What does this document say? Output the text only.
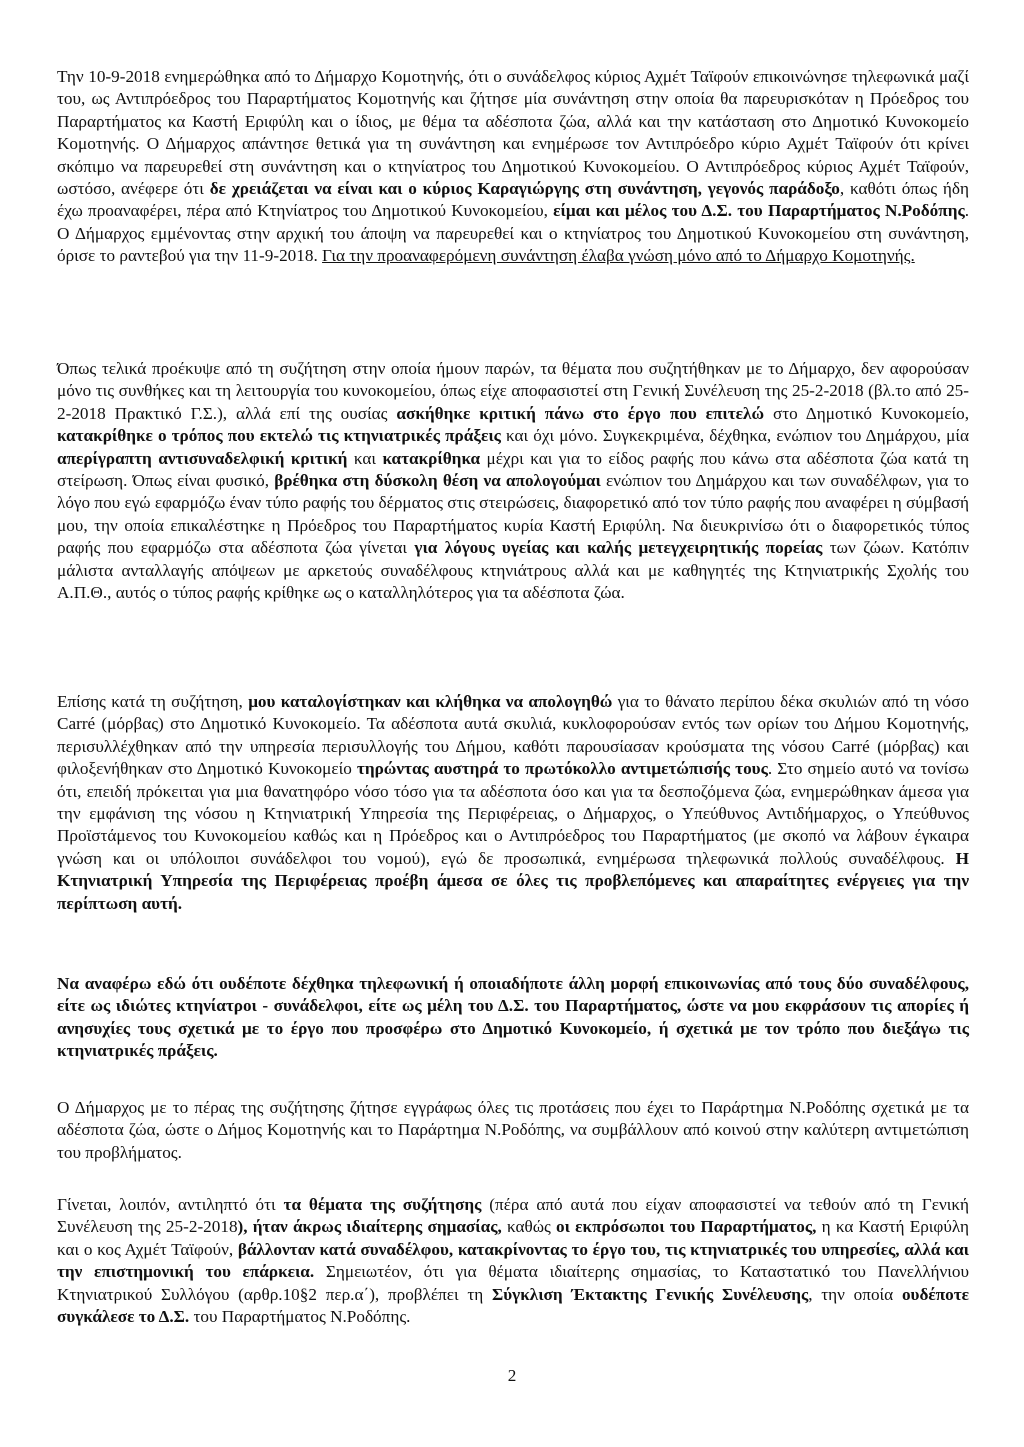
Την 10-9-2018 ενημερώθηκα από το Δήμαρχο Κομοτηνής, ότι ο συνάδελφος κύριος Αχμέτ Ταϊφούν επικοινώνησε τηλεφωνικά μαζί του, ως Αντιπρόεδρος του Παραρτήματος Κομοτηνής και ζήτησε μία συνάντηση στην οποία θα παρευρισκόταν η Πρόεδρος του Παραρτήματος κα Καστή Εριφύλη και ο ίδιος, με θέμα τα αδέσποτα ζώα, αλλά και την κατάσταση στο Δημοτικό Κυνοκομείο Κομοτηνής. Ο Δήμαρχος απάντησε θετικά για τη συνάντηση και ενημέρωσε τον Αντιπρόεδρο κύριο Αχμέτ Ταϊφούν ότι κρίνει σκόπιμο να παρευρεθεί στη συνάντηση και ο κτηνίατρος του Δημοτικού Κυνοκομείου. Ο Αντιπρόεδρος κύριος Αχμέτ Ταϊφούν, ωστόσο, ανέφερε ότι δε χρειάζεται να είναι και ο κύριος Καραγιώργης στη συνάντηση, γεγονός παράδοξο, καθότι όπως ήδη έχω προαναφέρει, πέρα από Κτηνίατρος του Δημοτικού Κυνοκομείου, είμαι και μέλος του Δ.Σ. του Παραρτήματος Ν.Ροδόπης. Ο Δήμαρχος εμμένοντας στην αρχική του άποψη να παρευρεθεί και ο κτηνίατρος του Δημοτικού Κυνοκομείου στη συνάντηση, όρισε το ραντεβού για την 11-9-2018. Για την προαναφερόμενη συνάντηση έλαβα γνώση μόνο από το Δήμαρχο Κομοτηνής.

Όπως τελικά προέκυψε από τη συζήτηση στην οποία ήμουν παρών, τα θέματα που συζητήθηκαν με το Δήμαρχο, δεν αφορούσαν μόνο τις συνθήκες και τη λειτουργία του κυνοκομείου, όπως είχε αποφασιστεί στη Γενική Συνέλευση της 25-2-2018 (βλ.το από 25-2-2018 Πρακτικό Γ.Σ.), αλλά επί της ουσίας ασκήθηκε κριτική πάνω στο έργο που επιτελώ στο Δημοτικό Κυνοκομείο, κατακρίθηκε ο τρόπος που εκτελώ τις κτηνιατρικές πράξεις και όχι μόνο. Συγκεκριμένα, δέχθηκα, ενώπιον του Δημάρχου, μία απερίγραπτη αντισυναδελφική κριτική και κατακρίθηκα μέχρι και για το είδος ραφής που κάνω στα αδέσποτα ζώα κατά τη στείρωση. Όπως είναι φυσικό, βρέθηκα στη δύσκολη θέση να απολογούμαι ενώπιον του Δημάρχου και των συναδέλφων, για το λόγο που εγώ εφαρμόζω έναν τύπο ραφής του δέρματος στις στειρώσεις, διαφορετικό από τον τύπο ραφής που αναφέρει η σύμβασή μου, την οποία επικαλέστηκε η Πρόεδρος του Παραρτήματος κυρία Καστή Εριφύλη. Να διευκρινίσω ότι ο διαφορετικός τύπος ραφής που εφαρμόζω στα αδέσποτα ζώα γίνεται για λόγους υγείας και καλής μετεγχειρητικής πορείας των ζώων. Κατόπιν μάλιστα ανταλλαγής απόψεων με αρκετούς συναδέλφους κτηνιάτρους αλλά και με καθηγητές της Κτηνιατρικής Σχολής του Α.Π.Θ., αυτός ο τύπος ραφής κρίθηκε ως ο καταλληλότερος για τα αδέσποτα ζώα.

Επίσης κατά τη συζήτηση, μου καταλογίστηκαν και κλήθηκα να απολογηθώ για το θάνατο περίπου δέκα σκυλιών από τη νόσο Carré (μόρβας) στο Δημοτικό Κυνοκομείο. Τα αδέσποτα αυτά σκυλιά, κυκλοφορούσαν εντός των ορίων του Δήμου Κομοτηνής, περισυλλέχθηκαν από την υπηρεσία περισυλλογής του Δήμου, καθότι παρουσίασαν κρούσματα της νόσου Carré (μόρβας) και φιλοξενήθηκαν στο Δημοτικό Κυνοκομείο τηρώντας αυστηρά το πρωτόκολλο αντιμετώπισής τους. Στο σημείο αυτό να τονίσω ότι, επειδή πρόκειται για μια θανατηφόρο νόσο τόσο για τα αδέσποτα όσο και για τα δεσποζόμενα ζώα, ενημερώθηκαν άμεσα για την εμφάνιση της νόσου η Κτηνιατρική Υπηρεσία της Περιφέρειας, ο Δήμαρχος, ο Υπεύθυνος Αντιδήμαρχος, ο Υπεύθυνος Προϊστάμενος του Κυνοκομείου καθώς και η Πρόεδρος και ο Αντιπρόεδρος του Παραρτήματος (με σκοπό να λάβουν έγκαιρα γνώση και οι υπόλοιποι συνάδελφοι του νομού), εγώ δε προσωπικά, ενημέρωσα τηλεφωνικά πολλούς συναδέλφους. Η Κτηνιατρική Υπηρεσία της Περιφέρειας προέβη άμεσα σε όλες τις προβλεπόμενες και απαραίτητες ενέργειες για την περίπτωση αυτή.

Να αναφέρω εδώ ότι ουδέποτε δέχθηκα τηλεφωνική ή οποιαδήποτε άλλη μορφή επικοινωνίας από τους δύο συναδέλφους, είτε ως ιδιώτες κτηνίατροι - συνάδελφοι, είτε ως μέλη του Δ.Σ. του Παραρτήματος, ώστε να μου εκφράσουν τις απορίες ή ανησυχίες τους σχετικά με το έργο που προσφέρω στο Δημοτικό Κυνοκομείο, ή σχετικά με τον τρόπο που διεξάγω τις κτηνιατρικές πράξεις.

Ο Δήμαρχος με το πέρας της συζήτησης ζήτησε εγγράφως όλες τις προτάσεις που έχει το Παράρτημα Ν.Ροδόπης σχετικά με τα αδέσποτα ζώα, ώστε ο Δήμος Κομοτηνής και το Παράρτημα Ν.Ροδόπης, να συμβάλλουν από κοινού στην καλύτερη αντιμετώπιση του προβλήματος.

Γίνεται, λοιπόν, αντιληπτό ότι τα θέματα της συζήτησης (πέρα από αυτά που είχαν αποφασιστεί να τεθούν από τη Γενική Συνέλευση της 25-2-2018), ήταν άκρως ιδιαίτερης σημασίας, καθώς οι εκπρόσωποι του Παραρτήματος, η κα Καστή Εριφύλη και ο κος Αχμέτ Ταϊφούν, βάλλονταν κατά συναδέλφου, κατακρίνοντας το έργο του, τις κτηνιατρικές του υπηρεσίες, αλλά και την επιστημονική του επάρκεια. Σημειωτέον, ότι για θέματα ιδιαίτερης σημασίας, το Καταστατικό του Πανελλήνιου Κτηνιατρικού Συλλόγου (αρθρ.10§2 περ.α΄), προβλέπει τη Σύγκλιση Έκτακτης Γενικής Συνέλευσης, την οποία ουδέποτε συγκάλεσε το Δ.Σ. του Παραρτήματος Ν.Ροδόπης.

2
